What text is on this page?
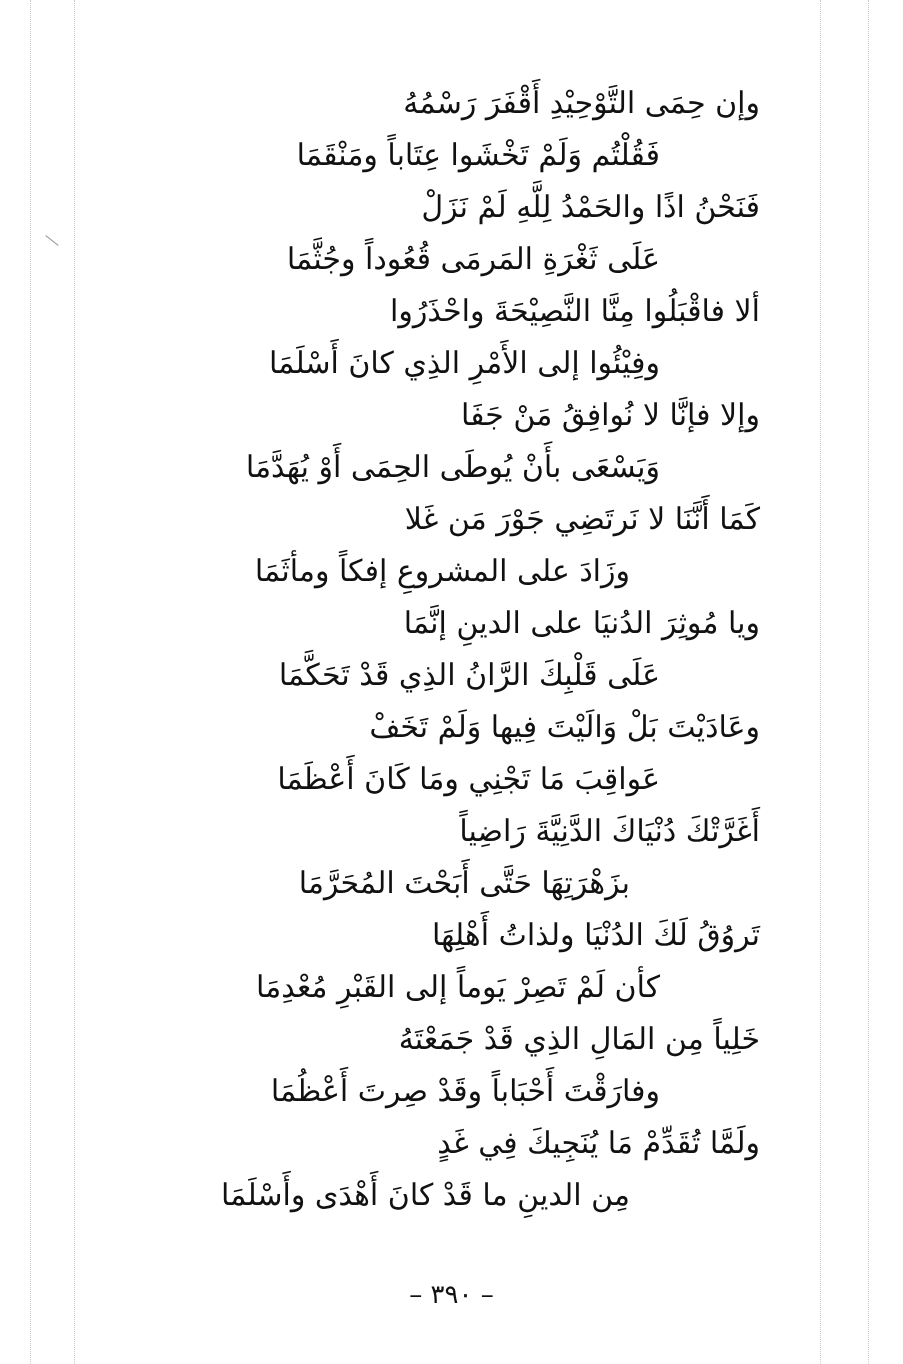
وإن حِمَى التَّوْحِيْدِ أَقْفَرَ رَسْمُهُ
فَقُلْتُم وَلَمْ تَخْشَوا عِتَاباً ومَنْقَمَا
فَنَحْنُ اذًا والحَمْدُ لِلَّهِ لَمْ نَزَلْ
عَلَى ثَغْرَةِ المَرمَى قُعُوداً وجُثَّمَا
ألا فاقْبَلُوا مِنَّا النَّصِيْحَةَ واحْذَرُوا
وفِيْئُوا إلى الأَمْرِ الذِي كانَ أَسْلَمَا
وإلا فإنَّا لا نُوافِقُ مَنْ جَفَا
وَيَسْعَى بأَنْ يُوطَى الحِمَى أَوْ يُهَدَّمَا
كَمَا أَنَّنَا لا نَرتَضِي جَوْرَ مَن غَلا
وزَادَ على المشروعِ إفكاً ومأثَمَا
ويا مُوثِرَ الدُنيَا على الدينِ إنَّمَا
عَلَى قَلْبِكَ الرَّانُ الذِي قَدْ تَحَكَّمَا
وعَادَيْتَ بَلْ وَالَيْتَ فِيها وَلَمْ تَخَفْ
عَواقِبَ مَا تَجْنِي ومَا كَانَ أَعْظَمَا
أَغَرَّتْكَ دُنْيَاكَ الدَّنِيَّةَ رَاضِياً
بزَهْرَتِهَا حَتَّى أَبَحْتَ المُحَرَّمَا
تَروُقُ لَكَ الدُنْيَا ولذاتُ أَهْلِهَا
كأن لَمْ تَصِرْ يَوماً إلى القَبْرِ مُعْدِمَا
خَلِياً مِن المَالِ الذِي قَدْ جَمَعْتَهُ
وفارَقْتَ أَحْبَاباً وقَدْ صِرتَ أَعْظُمَا
ولَمَّا تُقَدِّمْ مَا يُنَجِيكَ فِي غَدٍ
مِن الدينِ ما قَدْ كانَ أَهْدَى وأَسْلَمَا
– ٣٩٠ –
